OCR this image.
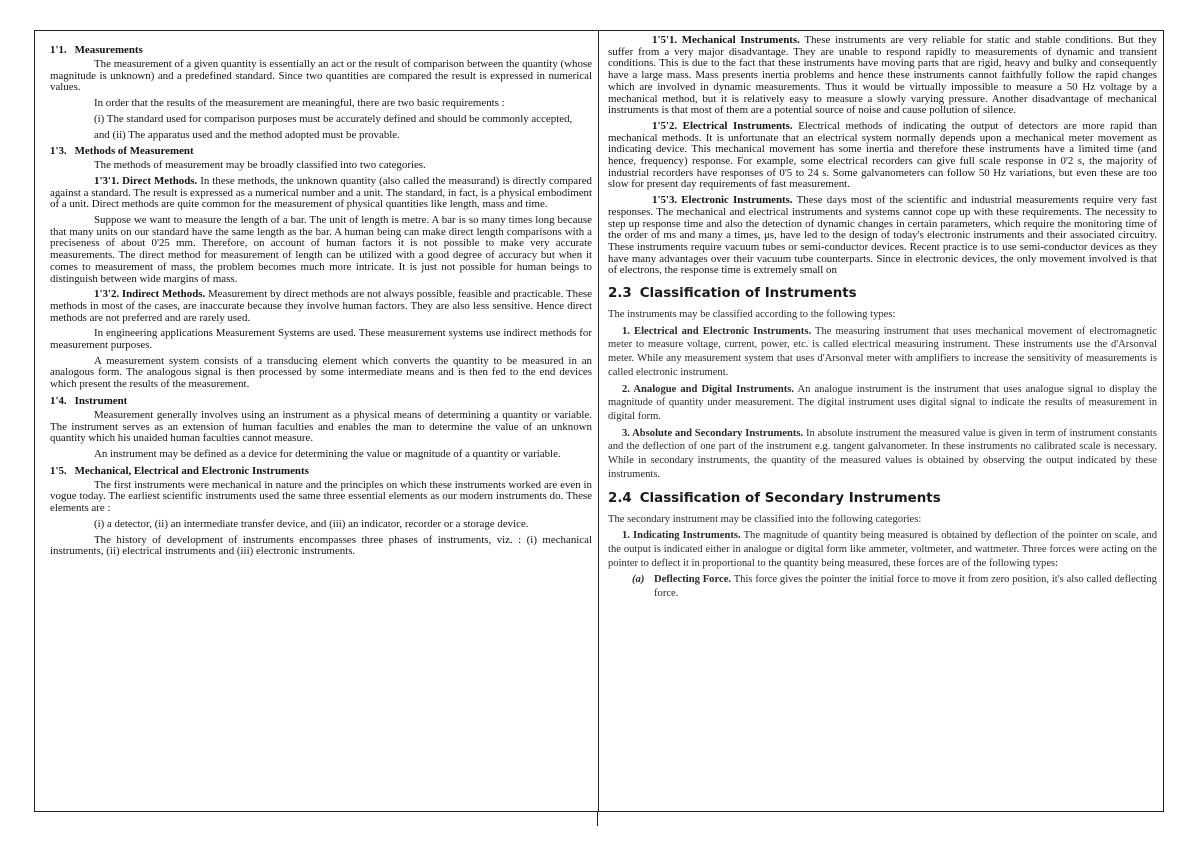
1'1. Measurements

The measurement of a given quantity is essentially an act or the result of comparison between the quantity (whose magnitude is unknown) and a predefined standard. Since two quantities are compared the result is expressed in numerical values.

In order that the results of the measurement are meaningful, there are two basic requirements :

(i) The standard used for comparison purposes must be accurately defined and should be commonly accepted,

and (ii) The apparatus used and the method adopted must be provable.

1'3. Methods of Measurement

The methods of measurement may be broadly classified into two categories.

1'3'1. Direct Methods. In these methods, the unknown quantity (also called the measurand) is directly compared against a standard. The result is expressed as a numerical number and a unit. The standard, in fact, is a physical embodiment of a unit. Direct methods are quite common for the measurement of physical quantities like length, mass and time.

Suppose we want to measure the length of a bar. The unit of length is metre. A bar is so many times long because that many units on our standard have the same length as the bar. A human being can make direct length comparisons with a preciseness of about 0'25 mm. Therefore, on account of human factors it is not possible to make very accurate measurements. The direct method for measurement of length can be utilized with a good degree of accuracy but when it comes to measurement of mass, the problem becomes much more intricate. It is just not possible for human beings to distinguish between wide margins of mass.

1'3'2. Indirect Methods. Measurement by direct methods are not always possible, feasible and practicable. These methods in most of the cases, are inaccurate because they involve human factors. They are also less sensitive. Hence direct methods are not preferred and are rarely used.

In engineering applications Measurement Systems are used. These measurement systems use indirect methods for measurement purposes.

A measurement system consists of a transducing element which converts the quantity to be measured in an analogous form. The analogous signal is then processed by some intermediate means and is then fed to the end devices which present the results of the measurement.

1'4. Instrument

Measurement generally involves using an instrument as a physical means of determining a quantity or variable. The instrument serves as an extension of human faculties and enables the man to determine the value of an unknown quantity which his unaided human faculties cannot measure.

An instrument may be defined as a device for determining the value or magnitude of a quantity or variable.

1'5. Mechanical, Electrical and Electronic Instruments

The first instruments were mechanical in nature and the principles on which these instruments worked are even in vogue today. The earliest scientific instruments used the same three essential elements as our modern instruments do. These elements are :

(i) a detector, (ii) an intermediate transfer device, and (iii) an indicator, recorder or a storage device.

The history of development of instruments encompasses three phases of instruments, viz. : (i) mechanical instruments, (ii) electrical instruments and (iii) electronic instruments.

1'5'1. Mechanical Instruments. These instruments are very reliable for static and stable conditions. But they suffer from a very major disadvantage. They are unable to respond rapidly to measurements of dynamic and transient conditions. This is due to the fact that these instruments have moving parts that are rigid, heavy and bulky and consequently have a large mass. Mass presents inertia problems and hence these instruments cannot faithfully follow the rapid changes which are involved in dynamic measurements. Thus it would be virtually impossible to measure a 50 Hz voltage by a mechanical method, but it is relatively easy to measure a slowly varying pressure. Another disadvantage of mechanical instruments is that most of them are a potential source of noise and cause pollution of silence.

1'5'2. Electrical Instruments. Electrical methods of indicating the output of detectors are more rapid than mechanical methods. It is unfortunate that an electrical system normally depends upon a mechanical meter movement as indicating device. This mechanical movement has some inertia and therefore these instruments have a limited time (and hence, frequency) response. For example, some electrical recorders can give full scale response in 0'2 s, the majority of industrial recorders have responses of 0'5 to 24 s. Some galvanometers can follow 50 Hz variations, but even these are too slow for present day requirements of fast measurement.

1'5'3. Electronic Instruments. These days most of the scientific and industrial measurements require very fast responses. The mechanical and electrical instruments and systems cannot cope up with these requirements. The necessity to step up response time and also the detection of dynamic changes in certain parameters, which require the monitoring time of the order of ms and many a times, μs, have led to the design of today's electronic instruments and their associated circuitry. These instruments require vacuum tubes or semi-conductor devices. Recent practice is to use semi-conductor devices as they have many advantages over their vacuum tube counterparts. Since in electronic devices, the only movement involved is that of electrons, the response time is extremely small on

2.3 Classification of Instruments

The instruments may be classified according to the following types:

1. Electrical and Electronic Instruments. The measuring instrument that uses mechanical movement of electromagnetic meter to measure voltage, current, power, etc. is called electrical measuring instrument. These instruments use the d'Arsonval meter. While any measurement system that uses d'Arsonval meter with amplifiers to increase the sensitivity of measurements is called electronic instrument.

2. Analogue and Digital Instruments. An analogue instrument is the instrument that uses analogue signal to display the magnitude of quantity under measurement. The digital instrument uses digital signal to indicate the results of measurement in digital form.

3. Absolute and Secondary Instruments. In absolute instrument the measured value is given in term of instrument constants and the deflection of one part of the instrument e.g. tangent galvanometer. In these instruments no calibrated scale is necessary. While in secondary instruments, the quantity of the measured values is obtained by observing the output indicated by these instruments.

2.4 Classification of Secondary Instruments

The secondary instrument may be classified into the following categories:

1. Indicating Instruments. The magnitude of quantity being measured is obtained by deflection of the pointer on scale, and the output is indicated either in analogue or digital form like ammeter, voltmeter, and wattmeter. Three forces were acting on the pointer to deflect it in proportional to the quantity being measured, these forces are of the following types:

(a) Deflecting Force. This force gives the pointer the initial force to move it from zero position, it's also called deflecting force.
